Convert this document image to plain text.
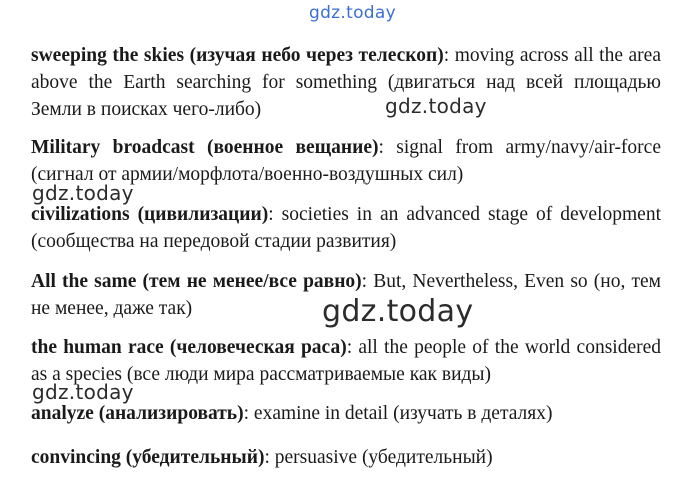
gdz.today

sweeping the skies (изучая небо через телескоп): moving across all the area above the Earth searching for something (двигаться над всей площадью Земли в поисках чего-либо)

Military broadcast (военное вещание): signal from army/navy/air-force (сигнал от армии/морфлота/военно-воздушных сил)

civilizations (цивилизации): societies in an advanced stage of development (сообщества на передовой стадии развития)

All the same (тем не менее/все равно): But, Nevertheless, Even so (но, тем не менее, даже так)

the human race (человеческая раса): all the people of the world considered as a species (все люди мира рассматриваемые как виды)

analyze (анализировать): examine in detail (изучать в деталях)

convincing (убедительный): persuasive (убедительный)

gdz.today
gdz.today
gdz.today
gdz.today
